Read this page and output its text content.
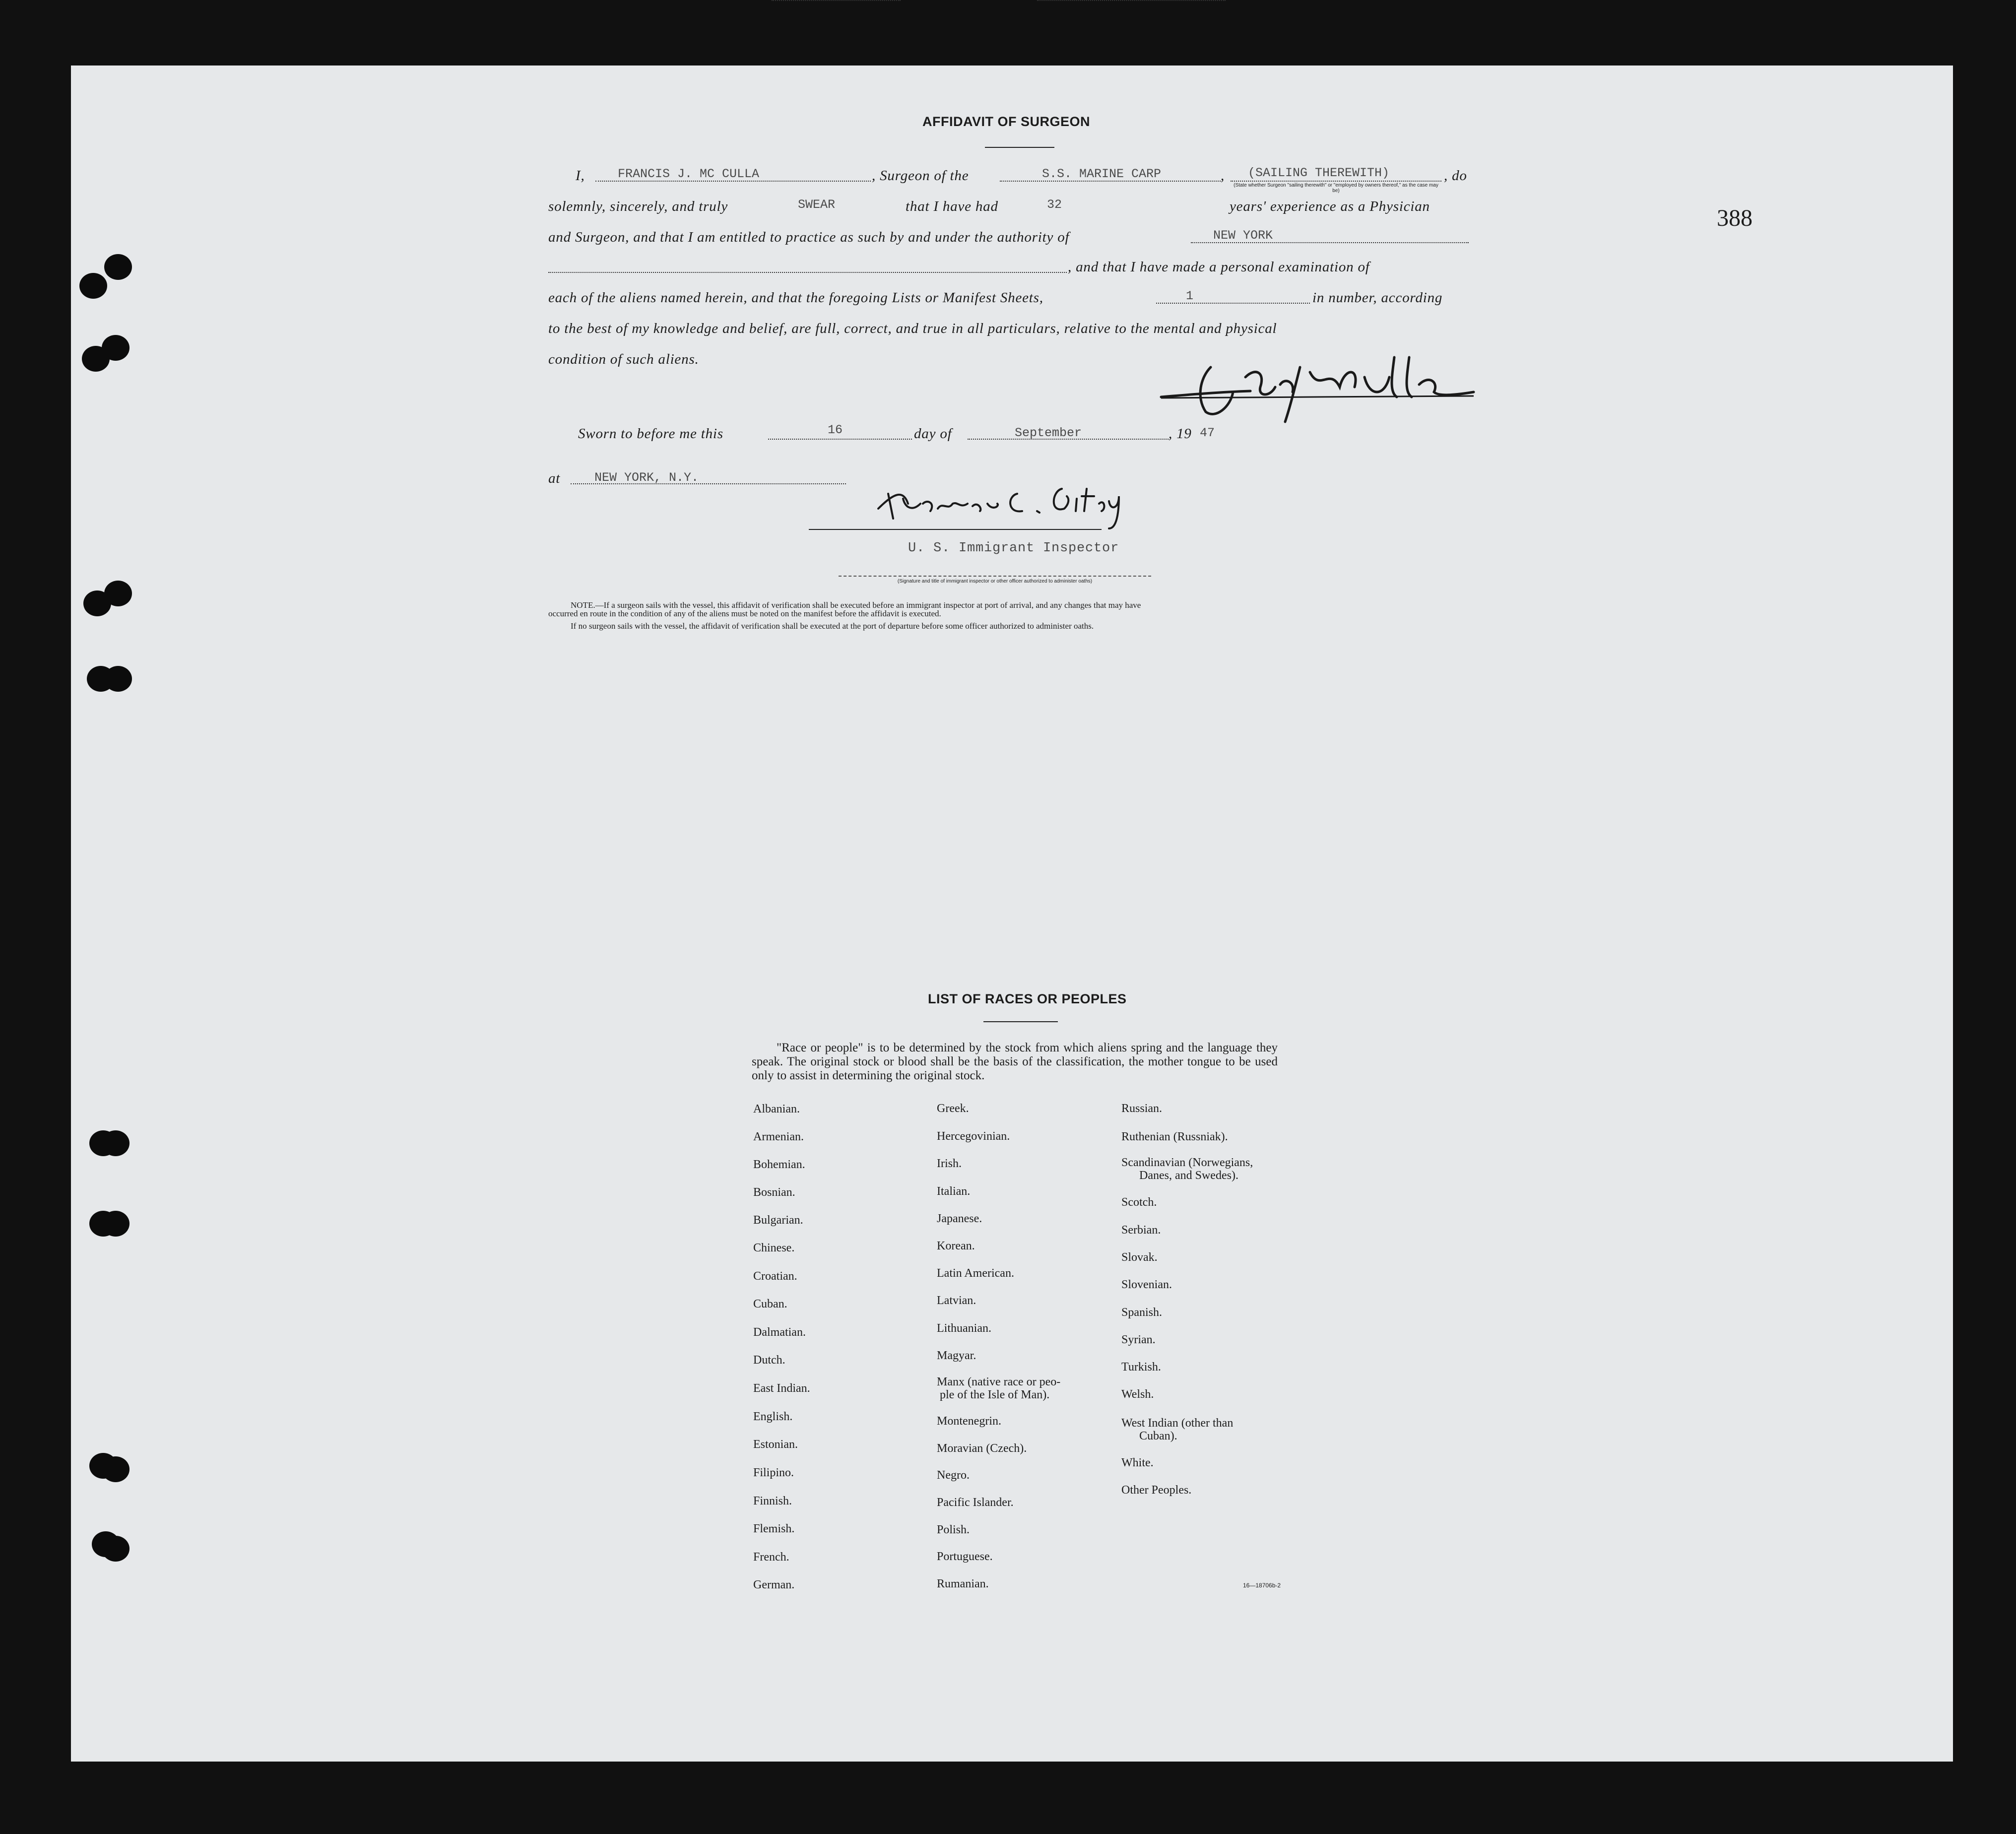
388
AFFIDAVIT OF SURGEON
I,	FRANCIS J. MC CULLA	, Surgeon of the	S.S. MARINE CARP	, (SAILING THEREWITH)	, do
(State whether Surgeon "sailing therewith" or "employed by owners thereof," as the case may be)
solemnly, sincerely, and truly	SWEAR	that I have had	32	years' experience as a Physician
and Surgeon, and that I am entitled to practice as such by and under the authority of	NEW YORK
, and that I have made a personal examination of
each of the aliens named herein, and that the foregoing Lists or Manifest Sheets,	1	in number, according
to the best of my knowledge and belief, are full, correct, and true in all particulars, relative to the mental and physical
condition of such aliens.
Sworn to before me this	16	day of	September	, 19 47
at	NEW YORK, N.Y.
U. S. Immigrant Inspector
(Signature and title of immigrant inspector or other officer authorized to administer oaths)
NOTE.—If a surgeon sails with the vessel, this affidavit of verification shall be executed before an immigrant inspector at port of arrival, and any changes that may have
occurred en route in the condition of any of the aliens must be noted on the manifest before the affidavit is executed.
If no surgeon sails with the vessel, the affidavit of verification shall be executed at the port of departure before some officer authorized to administer oaths.
LIST OF RACES OR PEOPLES
"Race or people" is to be determined by the stock from which aliens spring and the language they speak. The original stock or blood shall be the basis of the classification, the mother tongue to be used only to assist in determining the original stock.
Albanian.
Armenian.
Bohemian.
Bosnian.
Bulgarian.
Chinese.
Croatian.
Cuban.
Dalmatian.
Dutch.
East Indian.
English.
Estonian.
Filipino.
Finnish.
Flemish.
French.
German.
Greek.
Hercegovinian.
Irish.
Italian.
Japanese.
Korean.
Latin American.
Latvian.
Lithuanian.
Magyar.
Manx (native race or peo-
ple of the Isle of Man).
Montenegrin.
Moravian (Czech).
Negro.
Pacific Islander.
Polish.
Portuguese.
Rumanian.
Russian.
Ruthenian (Russniak).
Scandinavian (Norwegians,
Danes, and Swedes).
Scotch.
Serbian.
Slovak.
Slovenian.
Spanish.
Syrian.
Turkish.
Welsh.
West Indian (other than
Cuban).
White.
Other Peoples.
16—18706b-2
